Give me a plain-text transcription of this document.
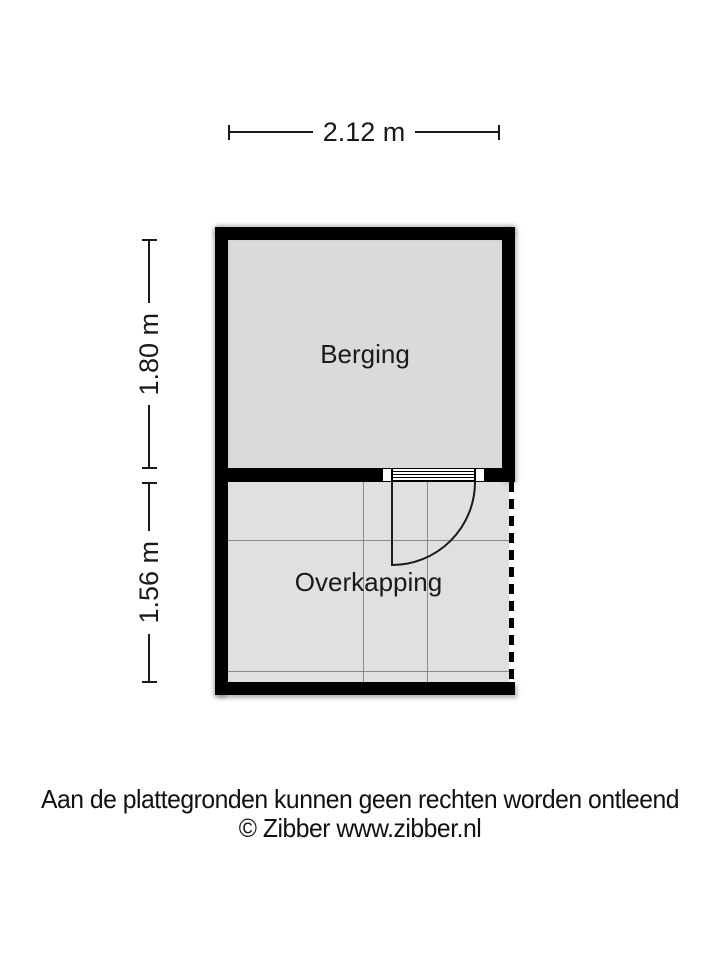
2.12 m
1.80 m
1.56 m
Berging
Overkapping
Aan de plattegronden kunnen geen rechten worden ontleend
© Zibber www.zibber.nl
